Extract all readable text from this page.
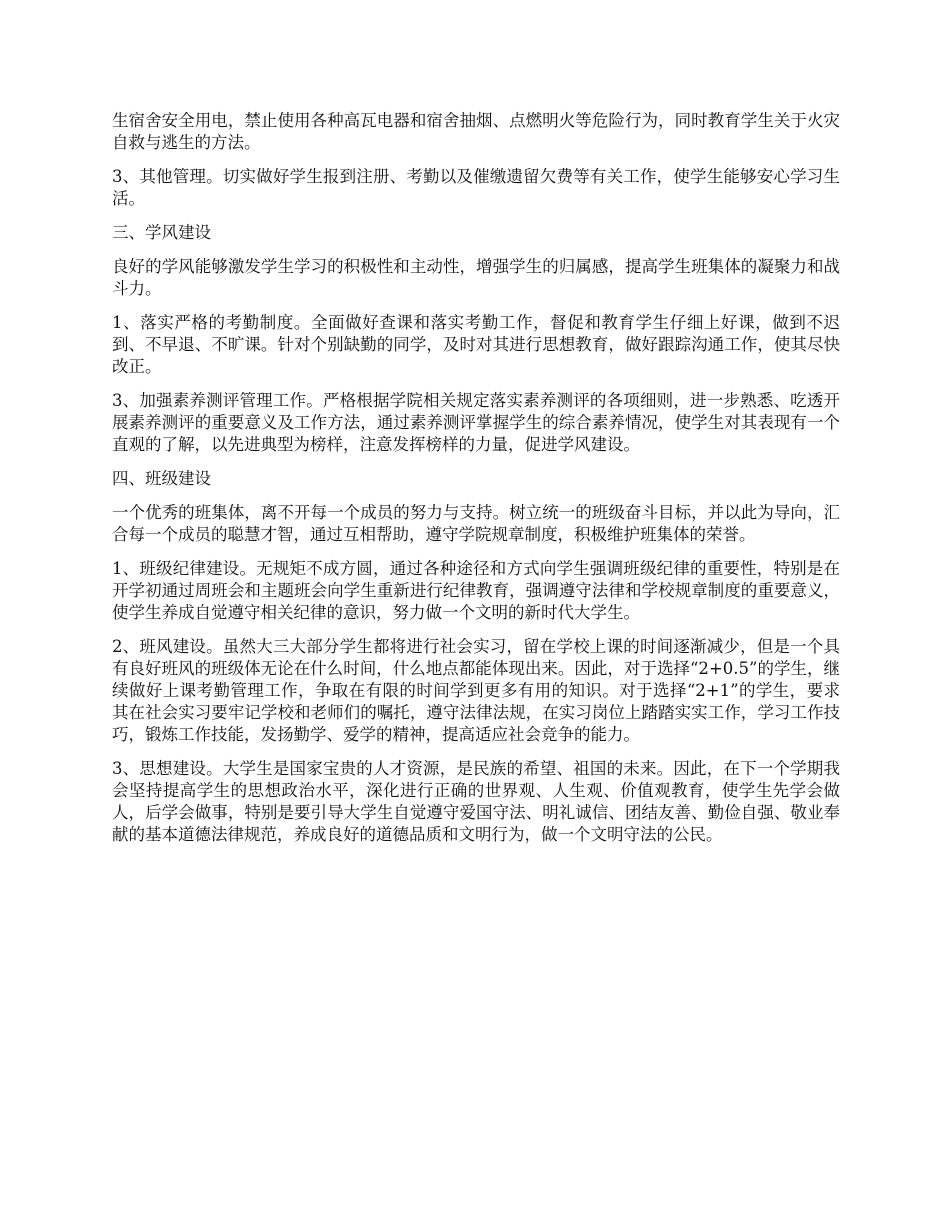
生宿舍安全用电，禁止使用各种高瓦电器和宿舍抽烟、点燃明火等危险行为，同时教育学生关于火灾自救与逃生的方法。

3、其他管理。切实做好学生报到注册、考勤以及催缴遗留欠费等有关工作，使学生能够安心学习生活。

三、学风建设

良好的学风能够激发学生学习的积极性和主动性，增强学生的归属感，提高学生班集体的凝聚力和战斗力。

1、落实严格的考勤制度。全面做好查课和落实考勤工作，督促和教育学生仔细上好课，做到不迟到、不早退、不旷课。针对个别缺勤的同学，及时对其进行思想教育，做好跟踪沟通工作，使其尽快改正。

3、加强素养测评管理工作。严格根据学院相关规定落实素养测评的各项细则，进一步熟悉、吃透开展素养测评的重要意义及工作方法，通过素养测评掌握学生的综合素养情况，使学生对其表现有一个直观的了解，以先进典型为榜样，注意发挥榜样的力量，促进学风建设。

四、班级建设

一个优秀的班集体，离不开每一个成员的努力与支持。树立统一的班级奋斗目标，并以此为导向，汇合每一个成员的聪慧才智，通过互相帮助，遵守学院规章制度，积极维护班集体的荣誉。

1、班级纪律建设。无规矩不成方圆，通过各种途径和方式向学生强调班级纪律的重要性，特别是在开学初通过周班会和主题班会向学生重新进行纪律教育，强调遵守法律和学校规章制度的重要意义，使学生养成自觉遵守相关纪律的意识，努力做一个文明的新时代大学生。

2、班风建设。虽然大三大部分学生都将进行社会实习，留在学校上课的时间逐渐减少，但是一个具有良好班风的班级体无论在什么时间，什么地点都能体现出来。因此，对于选择“2+0.5”的学生，继续做好上课考勤管理工作，争取在有限的时间学到更多有用的知识。对于选择“2+1”的学生，要求其在社会实习要牢记学校和老师们的嘱托，遵守法律法规，在实习岗位上踏踏实实工作，学习工作技巧，锻炼工作技能，发扬勤学、爱学的精神，提高适应社会竞争的能力。

3、思想建设。大学生是国家宝贵的人才资源，是民族的希望、祖国的未来。因此，在下一个学期我会坚持提高学生的思想政治水平，深化进行正确的世界观、人生观、价值观教育，使学生先学会做人，后学会做事，特别是要引导大学生自觉遵守爱国守法、明礼诚信、团结友善、勤俭自强、敬业奉献的基本道德法律规范，养成良好的道德品质和文明行为，做一个文明守法的公民。
